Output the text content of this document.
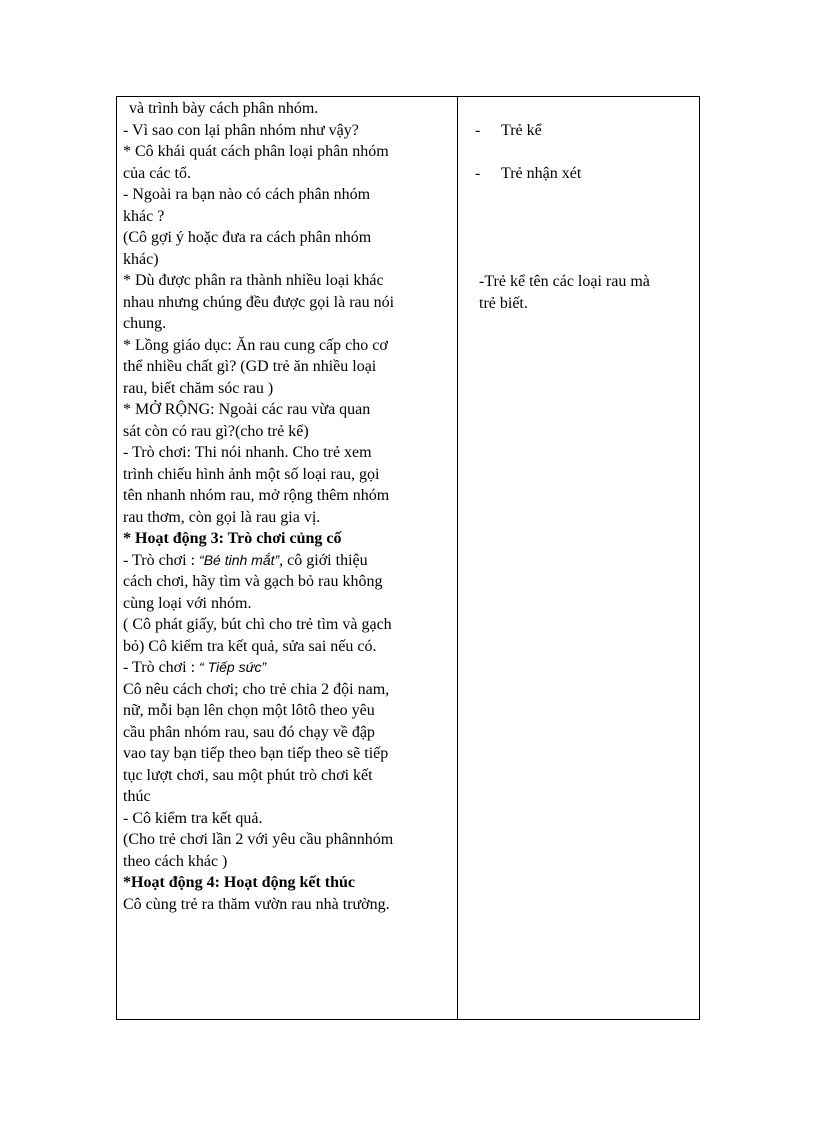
và trình bày cách phân nhóm.
- Vì sao con lại phân nhóm như vậy?
* Cô khái quát cách phân loại phân nhóm
của các tổ.
- Ngoài ra bạn nào có cách phân nhóm
khác ?
(Cô gợi ý hoặc đưa ra cách phân nhóm
khác)
* Dù được phân ra thành nhiều loại khác
nhau nhưng chúng đều được gọi là rau nói
chung.
* Lồng giáo dục: Ăn rau cung cấp cho cơ
thể nhiều chất gì? (GD trẻ ăn nhiều loại
rau, biết chăm sóc rau )
* MỞ RỘNG: Ngoài các rau vừa quan
sát còn có rau gì?(cho trẻ kể)
- Trò chơi: Thi nói nhanh. Cho trẻ xem
trình chiếu hình ảnh một số loại rau, gọi
tên nhanh nhóm rau, mở rộng thêm nhóm
rau thơm, còn gọi là rau gia vị.
* Hoạt động 3: Trò chơi củng cố
- Trò chơi : “Bé tinh mắt”, cô giới thiệu
cách chơi, hãy tìm và gạch bỏ rau không
cùng loại với nhóm.
( Cô phát giấy, bút chì cho trẻ tìm và gạch
bỏ) Cô kiểm tra kết quả, sửa sai nếu có.
- Trò chơi : “ Tiếp sức”
Cô nêu cách chơi; cho trẻ chia 2 đội nam,
nữ, mỗi bạn lên chọn một lôtô theo yêu
cầu phân nhóm rau, sau đó chạy về đập
vao tay bạn tiếp theo bạn tiếp theo sẽ tiếp
tục lượt chơi, sau một phút trò chơi kết
thúc
- Cô kiểm tra kết quả.
(Cho trẻ chơi lần 2 với yêu cầu phânnhóm
theo cách khác )
*Hoạt động 4: Hoạt động kết thúc
Cô cùng trẻ ra thăm vườn rau nhà trường.
- Trẻ kể
- Trẻ nhận xét
-Trẻ kể tên các loại rau mà
trẻ biết.
